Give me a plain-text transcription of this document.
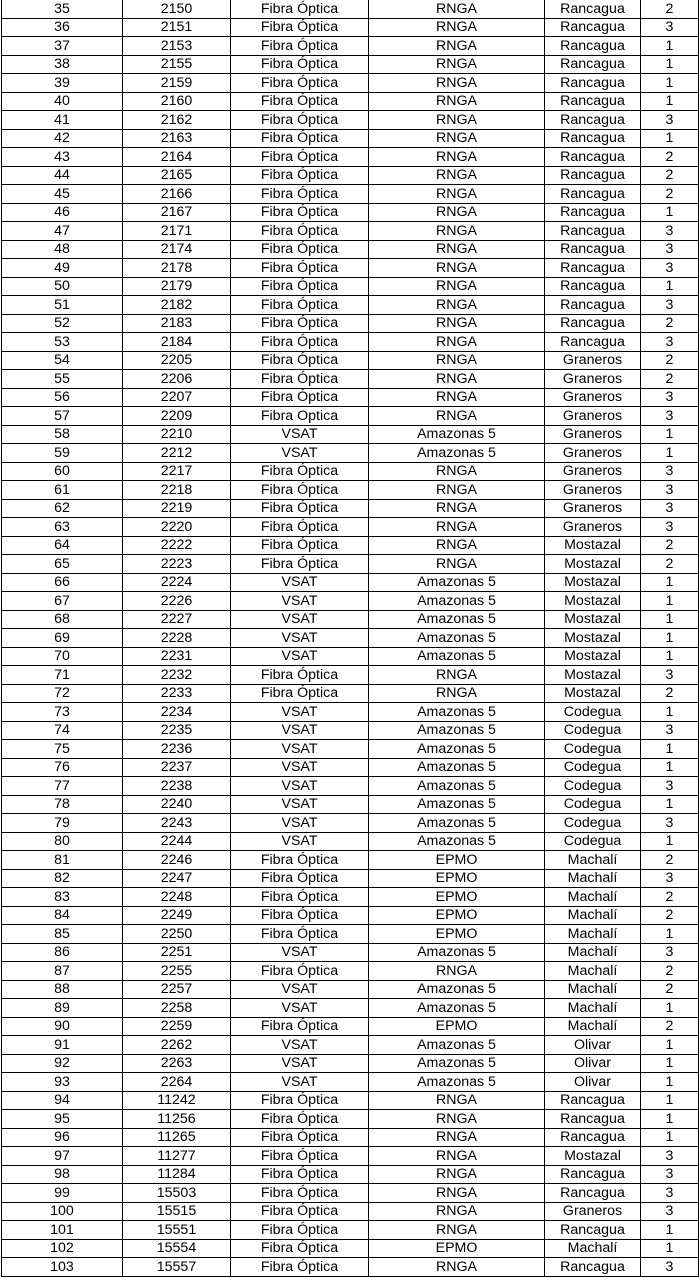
35	2150	Fibra Óptica	RNGA	Rancagua	2
36	2151	Fibra Óptica	RNGA	Rancagua	3
37	2153	Fibra Óptica	RNGA	Rancagua	1
38	2155	Fibra Óptica	RNGA	Rancagua	1
39	2159	Fibra Óptica	RNGA	Rancagua	1
40	2160	Fibra Óptica	RNGA	Rancagua	1
41	2162	Fibra Óptica	RNGA	Rancagua	3
42	2163	Fibra Óptica	RNGA	Rancagua	1
43	2164	Fibra Óptica	RNGA	Rancagua	2
44	2165	Fibra Óptica	RNGA	Rancagua	2
45	2166	Fibra Óptica	RNGA	Rancagua	2
46	2167	Fibra Óptica	RNGA	Rancagua	1
47	2171	Fibra Óptica	RNGA	Rancagua	3
48	2174	Fibra Óptica	RNGA	Rancagua	3
49	2178	Fibra Óptica	RNGA	Rancagua	3
50	2179	Fibra Óptica	RNGA	Rancagua	1
51	2182	Fibra Óptica	RNGA	Rancagua	3
52	2183	Fibra Óptica	RNGA	Rancagua	2
53	2184	Fibra Óptica	RNGA	Rancagua	3
54	2205	Fibra Óptica	RNGA	Graneros	2
55	2206	Fibra Óptica	RNGA	Graneros	2
56	2207	Fibra Óptica	RNGA	Graneros	3
57	2209	Fibra Optica	RNGA	Graneros	3
58	2210	VSAT	Amazonas 5	Graneros	1
59	2212	VSAT	Amazonas 5	Graneros	1
60	2217	Fibra Óptica	RNGA	Graneros	3
61	2218	Fibra Óptica	RNGA	Graneros	3
62	2219	Fibra Óptica	RNGA	Graneros	3
63	2220	Fibra Óptica	RNGA	Graneros	3
64	2222	Fibra Óptica	RNGA	Mostazal	2
65	2223	Fibra Óptica	RNGA	Mostazal	2
66	2224	VSAT	Amazonas 5	Mostazal	1
67	2226	VSAT	Amazonas 5	Mostazal	1
68	2227	VSAT	Amazonas 5	Mostazal	1
69	2228	VSAT	Amazonas 5	Mostazal	1
70	2231	VSAT	Amazonas 5	Mostazal	1
71	2232	Fibra Óptica	RNGA	Mostazal	3
72	2233	Fibra Óptica	RNGA	Mostazal	2
73	2234	VSAT	Amazonas 5	Codegua	1
74	2235	VSAT	Amazonas 5	Codegua	3
75	2236	VSAT	Amazonas 5	Codegua	1
76	2237	VSAT	Amazonas 5	Codegua	1
77	2238	VSAT	Amazonas 5	Codegua	3
78	2240	VSAT	Amazonas 5	Codegua	1
79	2243	VSAT	Amazonas 5	Codegua	3
80	2244	VSAT	Amazonas 5	Codegua	1
81	2246	Fibra Óptica	EPMO	Machalí	2
82	2247	Fibra Óptica	EPMO	Machalí	3
83	2248	Fibra Óptica	EPMO	Machalí	2
84	2249	Fibra Óptica	EPMO	Machalí	2
85	2250	Fibra Óptica	EPMO	Machalí	1
86	2251	VSAT	Amazonas 5	Machalí	3
87	2255	Fibra Óptica	RNGA	Machalí	2
88	2257	VSAT	Amazonas 5	Machalí	2
89	2258	VSAT	Amazonas 5	Machalí	1
90	2259	Fibra Óptica	EPMO	Machalí	2
91	2262	VSAT	Amazonas 5	Olivar	1
92	2263	VSAT	Amazonas 5	Olivar	1
93	2264	VSAT	Amazonas 5	Olivar	1
94	11242	Fibra Óptica	RNGA	Rancagua	1
95	11256	Fibra Óptica	RNGA	Rancagua	1
96	11265	Fibra Óptica	RNGA	Rancagua	1
97	11277	Fibra Óptica	RNGA	Mostazal	3
98	11284	Fibra Óptica	RNGA	Rancagua	3
99	15503	Fibra Óptica	RNGA	Rancagua	3
100	15515	Fibra Óptica	RNGA	Graneros	3
101	15551	Fibra Óptica	RNGA	Rancagua	1
102	15554	Fibra Óptica	EPMO	Machalí	1
103	15557	Fibra Óptica	RNGA	Rancagua	3
